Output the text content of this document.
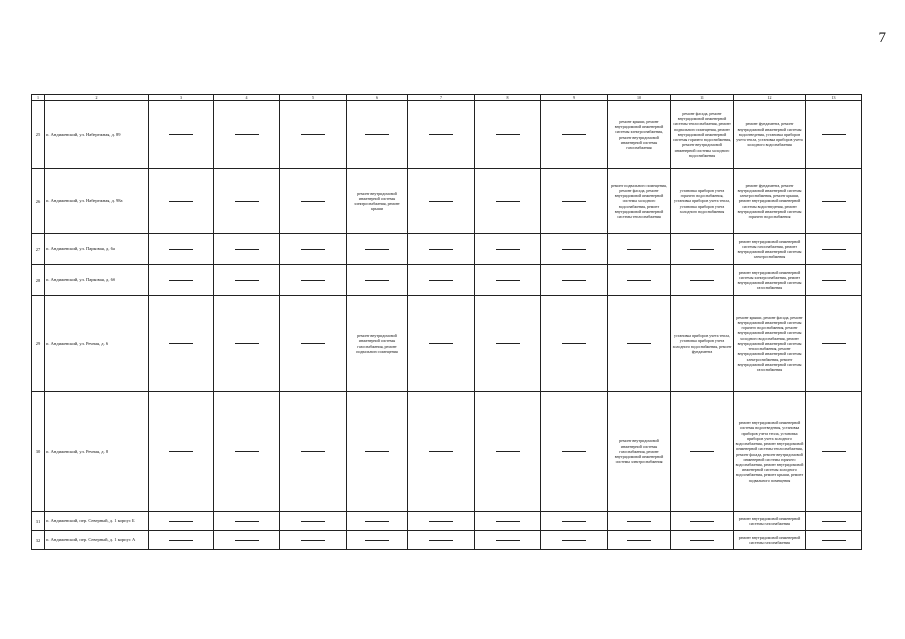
7
1	2	3	4	5	6	7	8	9	10	11	12	13
25	п. Андижевский, ул. Набережная, д. 89								ремонт крыши, ремонт внутридомовой инженерной системы электроснабжения, ремонт внутридомовой инженерной системы газоснабжения	ремонт фасада, ремонт внутридомовой инженерной системы теплоснабжения, ремонт подвального помещения, ремонт внутридомовой инженерной системы горячего водоснабжения, ремонт внутридомовой инженерной системы холодного водоснабжения	ремонт фундамента, ремонт внутридомовой инженерной системы водоотведения, установка приборов учета тепла, установка приборов учета холодного водоснабжения	
26	п. Андижевский, ул. Набережная, д. 98а				ремонт внутридомовой инженерной системы электроснабжения, ремонт крыши				ремонт подвального помещения, ремонт фасада, ремонт внутридомовой инженерной системы холодного водоснабжения, ремонт внутридомовой инженерной системы теплоснабжения	установка приборов учета горячего водоснабжения, установка приборов учета тепла, установка приборов учета холодного водоснабжения	ремонт фундамента, ремонт внутридомовой инженерной системы электроснабжения, ремонт крыши, ремонт внутридомовой инженерной системы водоотведения, ремонт внутридомовой инженерной системы горячего водоснабжения	
27	п. Андижевский, ул. Парковая, д. 6а										ремонт внутридомовой инженерной системы газоснабжения, ремонт внутридомовой инженерной системы электроснабжения	
28	п. Андижевский, ул. Парковая, д. 6б										ремонт внутридомовой инженерной системы электроснабжения, ремонт внутридомовой инженерной системы газоснабжения	
29	п. Андижевский, ул. Речная, д. 6				ремонт внутридомовой инженерной системы газоснабжения, ремонт подвального помещения					установка приборов учета тепла, установка приборов учета холодного водоснабжения, ремонт фундамента	ремонт крыши, ремонт фасада, ремонт внутридомовой инженерной системы горячего водоснабжения, ремонт внутридомовой инженерной системы холодного водоснабжения, ремонт внутридомовой инженерной системы теплоснабжения, ремонт внутридомовой инженерной системы электроснабжения, ремонт внутридомовой инженерной системы газоснабжения	
30	п. Андижевский, ул. Речная, д. 8								ремонт внутридомовой инженерной системы газоснабжения, ремонт внутридомовой инженерной системы электроснабжения		ремонт внутридомовой инженерной системы водоотведения, установка приборов учета тепла, установка приборов учета холодного водоснабжения, ремонт внутридомовой инженерной системы теплоснабжения, ремонт фасада, ремонт внутридомовой инженерной системы горячего водоснабжения, ремонт внутридомовой инженерной системы холодного водоснабжения, ремонт крыши, ремонт подвального помещения	
31	п. Андижевский, пер. Северный, д. 1 корпус Б										ремонт внутридомовой инженерной системы газоснабжения	
32	п. Андижевский, пер. Северный, д. 1 корпус А										ремонт внутридомовой инженерной системы газоснабжения	
